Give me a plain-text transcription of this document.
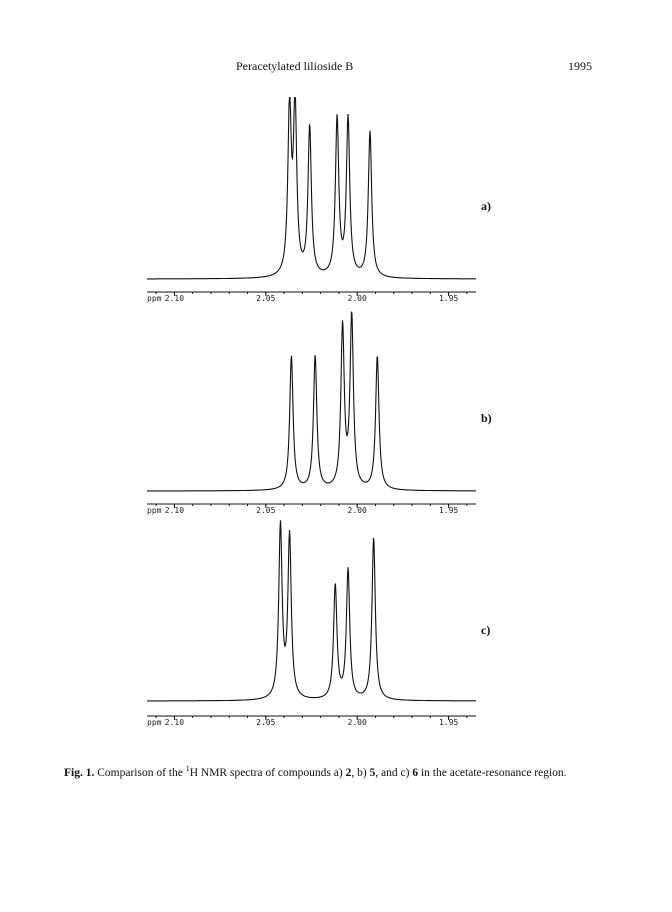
Peracetylated lilioside B	1995
a)
b)
c)
ppm 2.10	2.05	2.00	1.95
ppm 2.10	2.05	2.00	1.95
ppm 2.10	2.05	2.00	1.95
Fig. 1. Comparison of the $^1$H NMR spectra of compounds a) 2, b) 5, and c) 6 in the acetate-resonance region.
